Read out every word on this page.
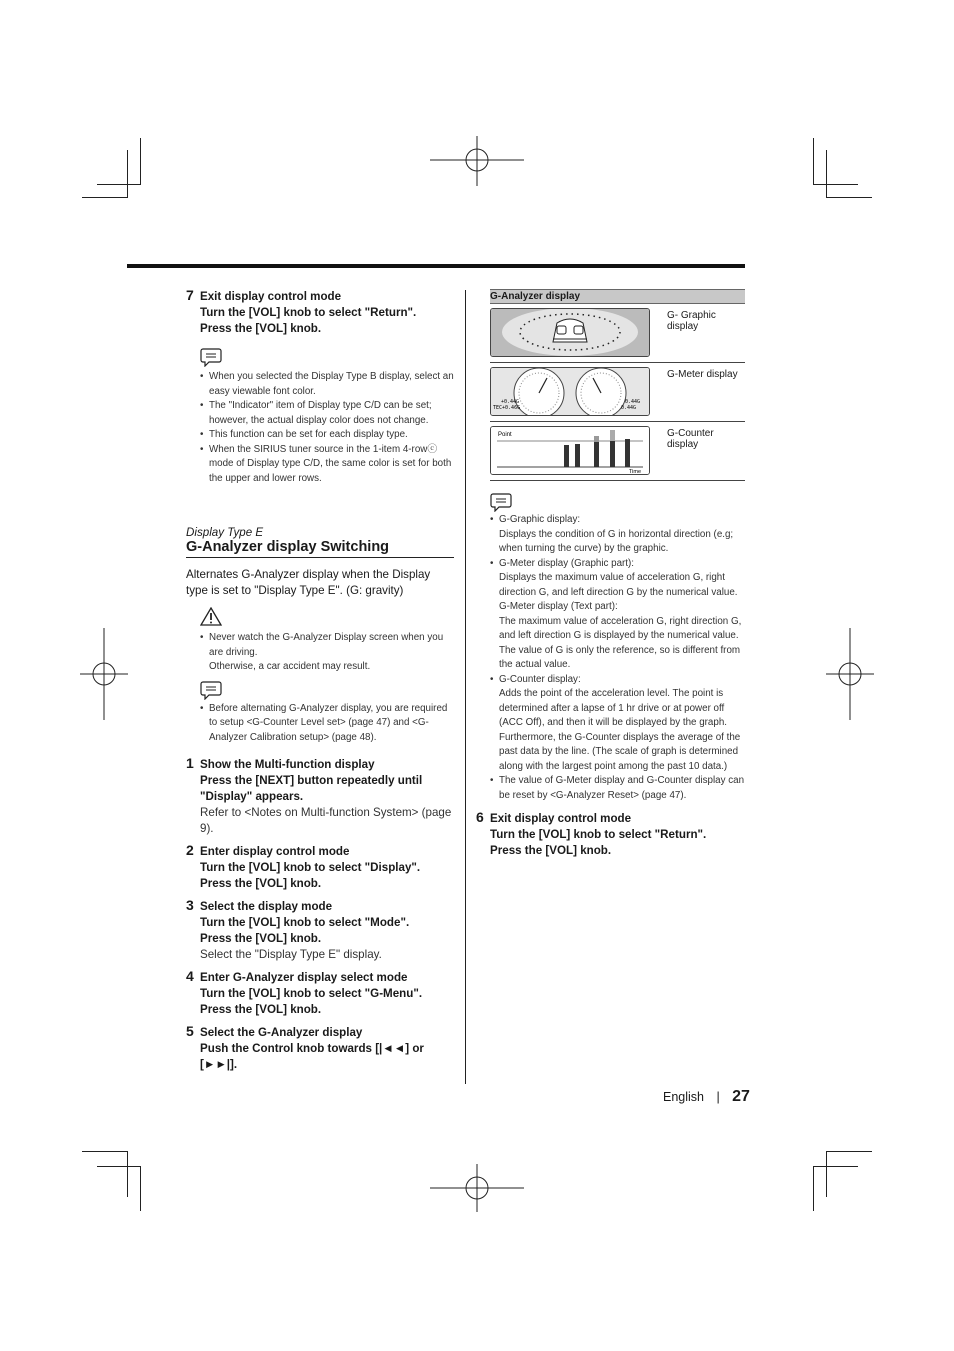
7 Exit display control mode
Turn the [VOL] knob to select "Return".
Press the [VOL] knob.
• When you selected the Display Type B display, select an easy viewable font color.
• The "Indicator" item of Display type C/D can be set; however, the actual display color does not change.
• This function can be set for each display type.
• When the SIRIUS tuner source in the 1-item 4-rowⓒ mode of Display type C/D, the same color is set for both the upper and lower rows.
Display Type E
G-Analyzer display Switching
Alternates G-Analyzer display when the Display type is set to "Display Type E". (G: gravity)
• Never watch the G-Analyzer Display screen when you are driving.
Otherwise, a car accident may result.
• Before alternating G-Analyzer display, you are required to setup <G-Counter Level set> (page 47) and <G-Analyzer Calibration setup> (page 48).
1 Show the Multi-function display
Press the [NEXT] button repeatedly until "Display" appears.
Refer to <Notes on Multi-function System> (page 9).
2 Enter display control mode
Turn the [VOL] knob to select "Display".
Press the [VOL] knob.
3 Select the display mode
Turn the [VOL] knob to select "Mode".
Press the [VOL] knob.
Select the "Display Type E" display.
4 Enter G-Analyzer display select mode
Turn the [VOL] knob to select "G-Menu".
Press the [VOL] knob.
5 Select the G-Analyzer display
Push the Control knob towards [|◄◄] or [►►|].
G-Analyzer display
G- Graphic display
+0.44G
TEC+0.46G
0.44G
0.44G
G-Meter display
Point
Time
G-Counter display
• G-Graphic display:
Displays the condition of G in horizontal direction (e.g; when turning the curve) by the graphic.
• G-Meter display (Graphic part):
Displays the maximum value of acceleration G, right direction G, and left direction G by the numerical value.
G-Meter display (Text part):
The maximum value of acceleration G, right direction G, and left direction G is displayed by the numerical value. The value of G is only the reference, so is different from the actual value.
• G-Counter display:
Adds the point of the acceleration level. The point is determined after a lapse of 1 hr drive or at power off (ACC Off), and then it will be displayed by the graph. Furthermore, the G-Counter displays the average of the past data by the line. (The scale of graph is determined along with the largest point among the past 10 data.)
• The value of G-Meter display and G-Counter display can be reset by <G-Analyzer Reset> (page 47).
6 Exit display control mode
Turn the [VOL] knob to select "Return".
Press the [VOL] knob.
English | 27
